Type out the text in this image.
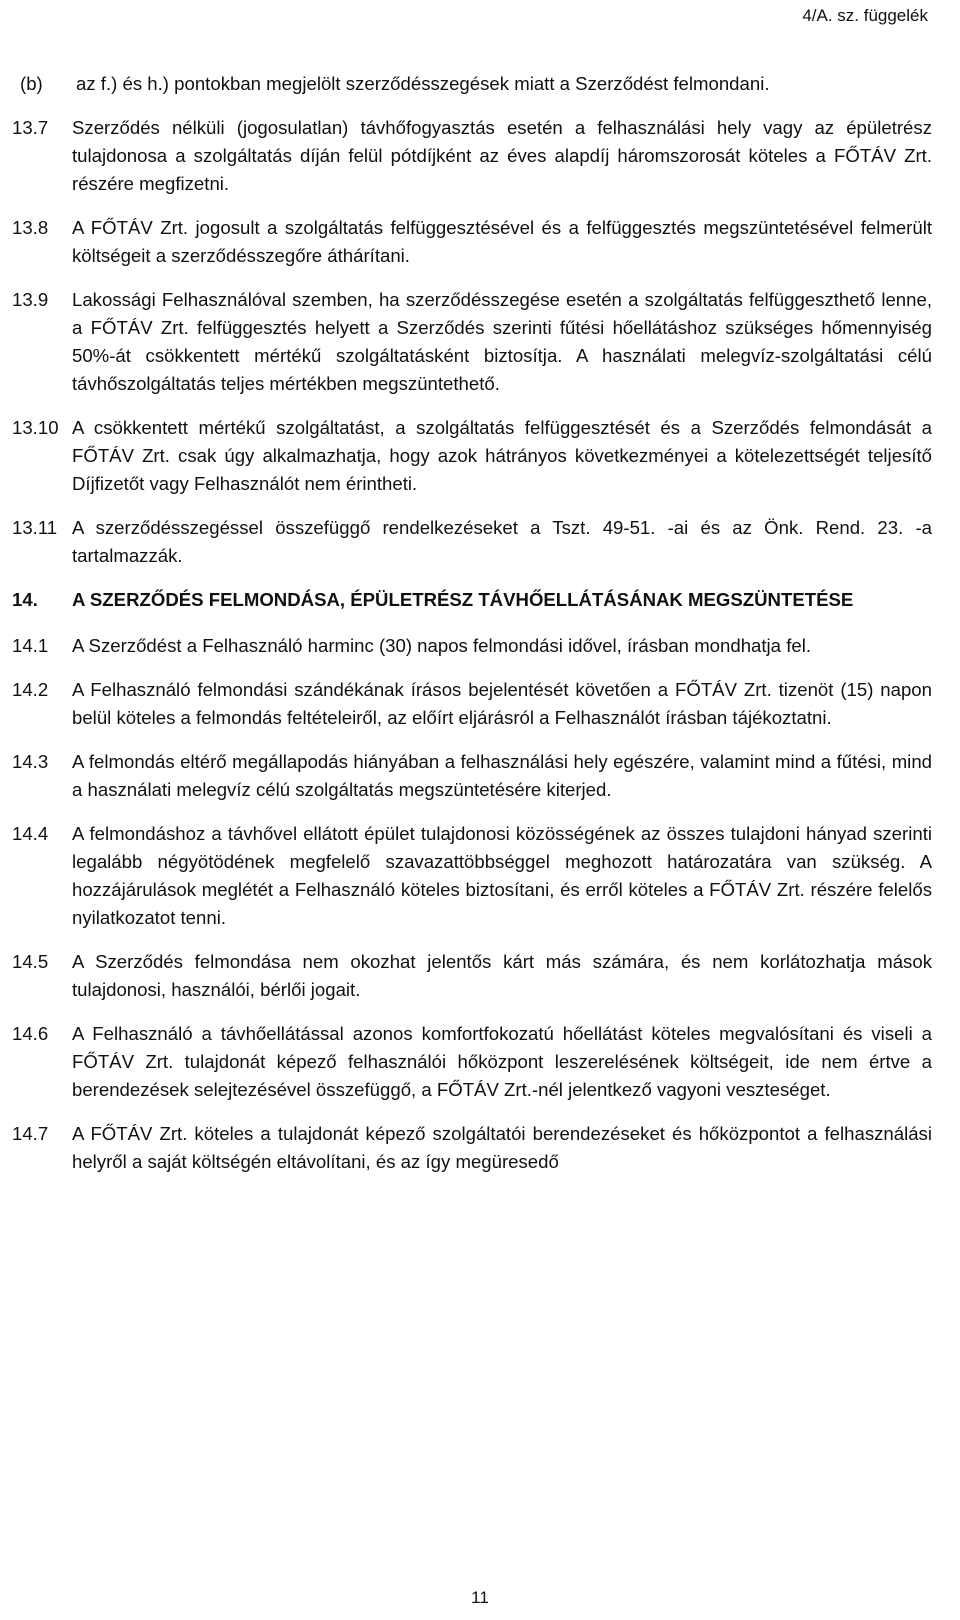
4/A. sz. függelék
(b)	az f.) és h.) pontokban megjelölt szerződésszegések miatt a Szerződést felmondani.
13.7	Szerződés nélküli (jogosulatlan) távhőfogyasztás esetén a felhasználási hely vagy az épületrész tulajdonosa a szolgáltatás díján felül pótdíjként az éves alapdíj háromszorosát köteles a FŐTÁV Zrt. részére megfizetni.
13.8	A FŐTÁV Zrt. jogosult a szolgáltatás felfüggesztésével és a felfüggesztés megszüntetésével felmerült költségeit a szerződésszegőre áthárítani.
13.9	Lakossági Felhasználóval szemben, ha szerződésszegése esetén a szolgáltatás felfüggeszthető lenne, a FŐTÁV Zrt. felfüggesztés helyett a Szerződés szerinti fűtési hőellátáshoz szükséges hőmennyiség 50%-át csökkentett mértékű szolgáltatásként biztosítja. A használati melegvíz-szolgáltatási célú távhőszolgáltatás teljes mértékben megszüntethető.
13.10 A csökkentett mértékű szolgáltatást, a szolgáltatás felfüggesztését és a Szerződés felmondását a FŐTÁV Zrt. csak úgy alkalmazhatja, hogy azok hátrányos következményei a kötelezettségét teljesítő Díjfizetőt vagy Felhasználót nem érintheti.
13.11 A szerződésszegéssel összefüggő rendelkezéseket a Tszt. 49-51. -ai és az Önk. Rend. 23. -a tartalmazzák.
14.	A SZERZŐDÉS FELMONDÁSA, ÉPÜLETRÉSZ TÁVHŐELLÁTÁSÁNAK MEGSZÜNTETÉSE
14.1	A Szerződést a Felhasználó harminc (30) napos felmondási idővel, írásban mondhatja fel.
14.2	A Felhasználó felmondási szándékának írásos bejelentését követően a FŐTÁV Zrt. tizenöt (15) napon belül köteles a felmondás feltételeiről, az előírt eljárásról a Felhasználót írásban tájékoztatni.
14.3	A felmondás eltérő megállapodás hiányában a felhasználási hely egészére, valamint mind a fűtési, mind a használati melegvíz célú szolgáltatás megszüntetésére kiterjed.
14.4	A felmondáshoz a távhővel ellátott épület tulajdonosi közösségének az összes tulajdoni hányad szerinti legalább négyötödének megfelelő szavazattöbbséggel meghozott határozatára van szükség. A hozzájárulások meglétét a Felhasználó köteles biztosítani, és erről köteles a FŐTÁV Zrt. részére felelős nyilatkozatot tenni.
14.5	A Szerződés felmondása nem okozhat jelentős kárt más számára, és nem korlátozhatja mások tulajdonosi, használói, bérlői jogait.
14.6	A Felhasználó a távhőellátással azonos komfortfokozatú hőellátást köteles megvalósítani és viseli a FŐTÁV Zrt. tulajdonát képező felhasználói hőközpont leszerelésének költségeit, ide nem értve a berendezések selejtezésével összefüggő, a FŐTÁV Zrt.-nél jelentkező vagyoni veszteséget.
14.7	A FŐTÁV Zrt. köteles a tulajdonát képező szolgáltatói berendezéseket és hőközpontot a felhasználási helyről a saját költségén eltávolítani, és az így megüresedő
11
